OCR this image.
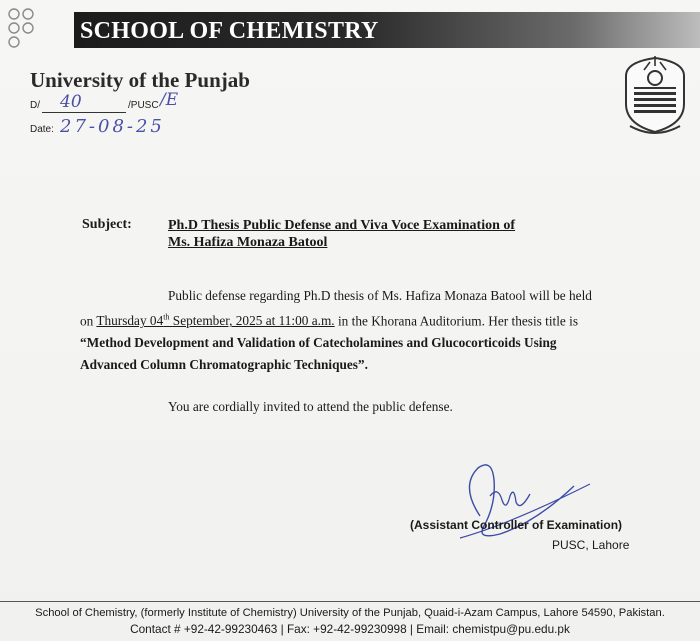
SCHOOL OF CHEMISTRY
University of the Punjab
D/ 40	/PUSC /E
Date: 27-08-25
Subject:	Ph.D Thesis Public Defense and Viva Voce Examination of
Ms. Hafiza Monaza Batool
Public defense regarding Ph.D thesis of Ms. Hafiza Monaza Batool will be held
on Thursday 04th September, 2025 at 11:00 a.m. in the Khorana Auditorium. Her thesis title is
“Method Development and Validation of Catecholamines and Glucocorticoids Using
Advanced Column Chromatographic Techniques”.
You are cordially invited to attend the public defense.
(Assistant Controller of Examination)
PUSC, Lahore
School of Chemistry, (formerly Institute of Chemistry) University of the Punjab, Quaid-i-Azam Campus, Lahore 54590, Pakistan.
Contact # +92-42-99230463 | Fax: +92-42-99230998 | Email: chemistpu@pu.edu.pk
